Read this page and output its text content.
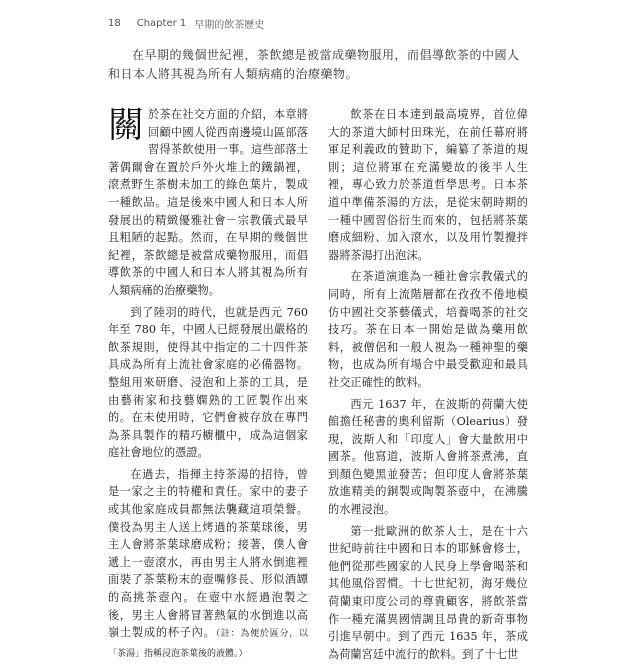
18 Chapter 1 早期的飲茶歷史

在早期的幾個世紀裡，茶飲總是被當成藥物服用，而倡導飲茶的中國人和日本人將其視為所有人類病痛的治療藥物。

關於茶在社交方面的介紹，本章將回顧中國人從西南邊境山區部落習得茶飲使用一事。這些部落土著偶爾會在置於戶外火堆上的鐵鍋裡，滾煮野生茶樹未加工的綠色葉片，製成一種飲品。這是後來中國人和日本人所發展出的精緻優雅社會－宗教儀式最早且粗陋的起點。然而，在早期的幾個世紀裡，茶飲總是被當成藥物服用，而倡導飲茶的中國人和日本人將其視為所有人類病痛的治療藥物。

到了陸羽的時代，也就是西元 760 年至 780 年，中國人已經發展出嚴格的飲茶規則，使得其中指定的二十四件茶具成為所有上流社會家庭的必備器物。整組用來研磨、浸泡和上茶的工具，是由藝術家和技藝嫻熟的工匠製作出來的。在未使用時，它們會被存放在專門為茶具製作的精巧櫥櫃中，成為這個家庭社會地位的憑證。

在過去，指揮主持茶湯的招待，曾是一家之主的特權和責任。家中的妻子或其他家庭成員都無法襲藏這項榮譽。僕役為男主人送上烤過的茶葉球後，男主人會將茶葉球磨成粉；接著，僕人會遞上一壺滾水，再由男主人將水倒進裡面裝了茶葉粉末的壺嘴修長、形似酒罈的高挑茶壺內。在壺中水經過泡製之後，男主人會將冒著熱氣的水倒進以高嶺土製成的杯子內。（註：為便於區分，以「茶湯」指稱浸泡茶葉後的液體。）

飲茶在日本達到最高境界，首位偉大的茶道大師村田珠光，在前任幕府將軍足利義政的贊助下，編纂了茶道的規則；這位將軍在充滿變故的後半人生裡，專心致力於茶道哲學思考。日本茶道中準備茶湯的方法，是從宋朝時期的一種中國習俗衍生而來的，包括將茶葉磨成細粉、加入滾水，以及用竹製攪拌器將茶湯打出泡沫。

在茶道演進為一種社會宗教儀式的同時，所有上流階層都在孜孜不倦地模仿中國社交茶藝儀式，培養喝茶的社交技巧。茶在日本一開始是做為藥用飲料，被僧侶和一般人視為一種神聖的藥物，也成為所有場合中最受歡迎和最具社交正確性的飲料。

西元 1637 年，在波斯的荷蘭大使館擔任秘書的奧利留斯（Olearius）發現，波斯人和「印度人」會大量飲用中國茶。他寫道，波斯人會將茶煮沸，直到顏色變黑並發苦；但印度人會將茶葉放進精美的銅製或陶製茶壺中，在沸騰的水裡浸泡。

第一批歐洲的飲茶人士，是在十六世紀時前往中國和日本的耶穌會修士，他們從那些國家的人民身上學會喝茶和其他風俗習慣。十七世紀初，海牙幾位荷蘭東印度公司的尊貴顧客，將飲茶當作一種充滿異國情調且昂貴的新奇事物引進早朝中。到了西元 1635 年，茶成為荷蘭宮廷中流行的飲料。到了十七世
